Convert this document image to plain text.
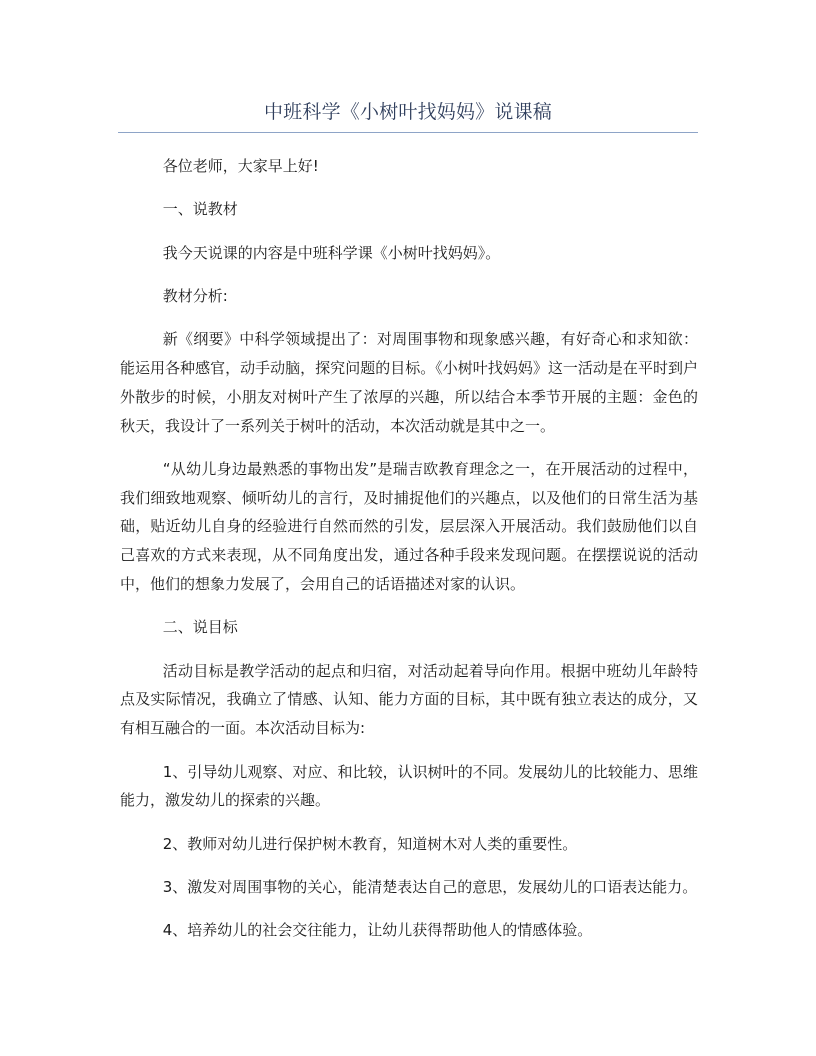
中班科学《小树叶找妈妈》说课稿

各位老师，大家早上好!

一、说教材

我今天说课的内容是中班科学课《小树叶找妈妈》。

教材分析:

新《纲要》中科学领域提出了：对周围事物和现象感兴趣，有好奇心和求知欲：能运用各种感官，动手动脑，探究问题的目标。《小树叶找妈妈》这一活动是在平时到户外散步的时候，小朋友对树叶产生了浓厚的兴趣，所以结合本季节开展的主题：金色的秋天，我设计了一系列关于树叶的活动，本次活动就是其中之一。

“从幼儿身边最熟悉的事物出发”是瑞吉欧教育理念之一，在开展活动的过程中，我们细致地观察、倾听幼儿的言行，及时捕捉他们的兴趣点，以及他们的日常生活为基础，贴近幼儿自身的经验进行自然而然的引发，层层深入开展活动。我们鼓励他们以自己喜欢的方式来表现，从不同角度出发，通过各种手段来发现问题。在摆摆说说的活动中，他们的想象力发展了，会用自己的话语描述对家的认识。

二、说目标

活动目标是教学活动的起点和归宿，对活动起着导向作用。根据中班幼儿年龄特点及实际情况，我确立了情感、认知、能力方面的目标，其中既有独立表达的成分，又有相互融合的一面。本次活动目标为:

1、引导幼儿观察、对应、和比较，认识树叶的不同。发展幼儿的比较能力、思维能力，激发幼儿的探索的兴趣。

2、教师对幼儿进行保护树木教育，知道树木对人类的重要性。

3、激发对周围事物的关心，能清楚表达自己的意思，发展幼儿的口语表达能力。

4、培养幼儿的社会交往能力，让幼儿获得帮助他人的情感体验。
